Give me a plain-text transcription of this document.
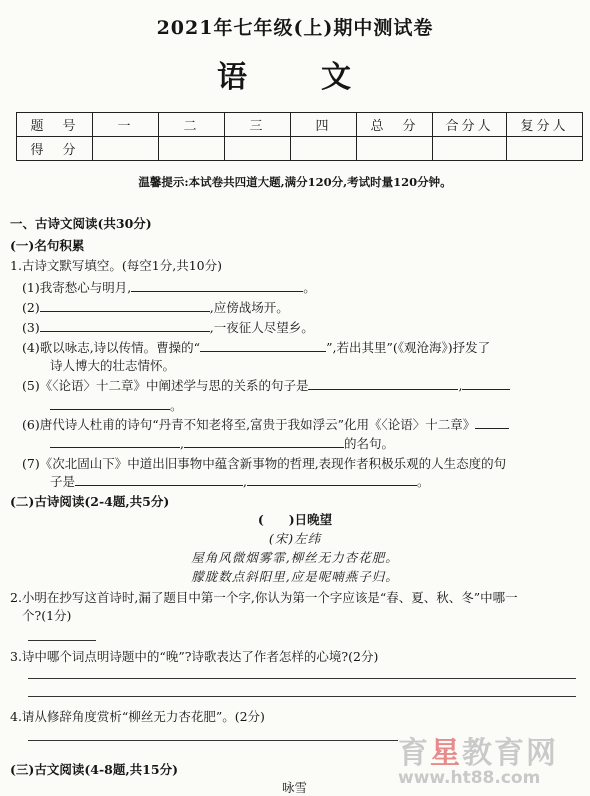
2021年七年级(上)期中测试卷
语　文
题　号	一	二	三	四	总　分	合分人	复分人
得　分							
温馨提示:本试卷共四道大题,满分120分,考试时量120分钟。
一、古诗文阅读(共30分)
(一)名句积累
1.古诗文默写填空。(每空1分,共10分)
(1)我寄愁心与明月,	。
(2)	,应傍战场开。
(3)	,一夜征人尽望乡。
(4)歌以咏志,诗以传情。曹操的“	”,若出其里”(《观沧海》)抒发了
诗人博大的壮志情怀。
(5)《〈论语〉十二章》中阐述学与思的关系的句子是	,
。
(6)唐代诗人杜甫的诗句“丹青不知老将至,富贵于我如浮云”化用《〈论语〉十二章》
,	的名句。
(7)《次北固山下》中道出旧事物中蕴含新事物的哲理,表现作者积极乐观的人生态度的句
子是	,	。
(二)古诗阅读(2-4题,共5分)
(　　)日晚望
(宋)左纬
屋角风微烟雾霏,柳丝无力杏花肥。
朦胧数点斜阳里,应是呢喃燕子归。
2.小明在抄写这首诗时,漏了题目中第一个字,你认为第一个字应该是“春、夏、秋、冬”中哪一
个?(1分)
3.诗中哪个词点明诗题中的“晚”?诗歌表达了作者怎样的心境?(2分)
4.请从修辞角度赏析“柳丝无力杏花肥”。(2分)
(三)古文阅读(4-8题,共15分)
咏雪
育星教育网
www.ht88.com
